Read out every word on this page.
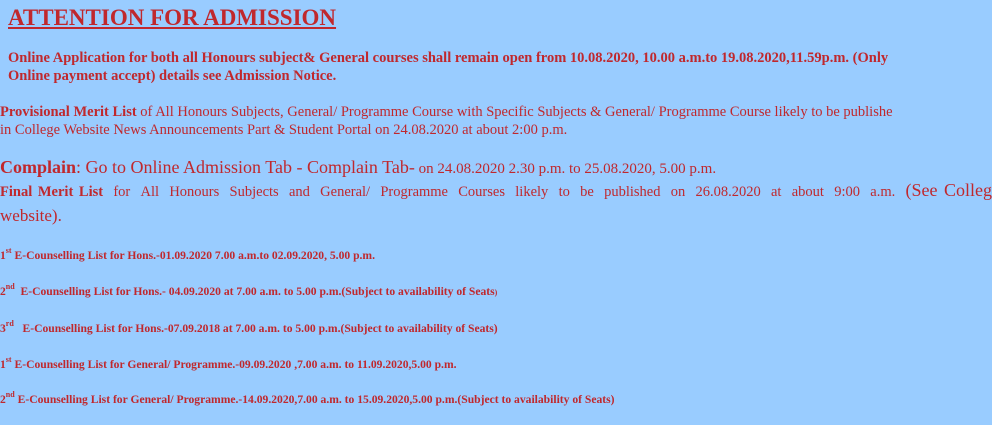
ATTENTION FOR ADMISSION

Online Application for both all Honours subject& General courses shall remain open from 10.08.2020, 10.00 a.m.to 19.08.2020,11.59p.m. (Only
Online payment accept) details see Admission Notice.

Provisional Merit List of All Honours Subjects, General/ Programme Course with Specific Subjects & General/ Programme Course likely to be publishe
in College Website News Announcements Part & Student Portal on 24.08.2020 at about 2:00 p.m.

Complain: Go to Online Admission Tab - Complain Tab- on 24.08.2020 2.30 p.m. to 25.08.2020, 5.00 p.m.

Final Merit List for All Honours Subjects and General/ Programme Courses likely to be published on 26.08.2020 at about 9:00 a.m. (See Colleg
website).

1st E-Counselling List for Hons.-01.09.2020 7.00 a.m.to 02.09.2020, 5.00 p.m.

2nd  E-Counselling List for Hons.- 04.09.2020 at 7.00 a.m. to 5.00 p.m.(Subject to availability of Seats)

3rd   E-Counselling List for Hons.-07.09.2018 at 7.00 a.m. to 5.00 p.m.(Subject to availability of Seats)

1st E-Counselling List for General/ Programme.-09.09.2020 ,7.00 a.m. to 11.09.2020,5.00 p.m.

2nd E-Counselling List for General/ Programme.-14.09.2020,7.00 a.m. to 15.09.2020,5.00 p.m.(Subject to availability of Seats)
